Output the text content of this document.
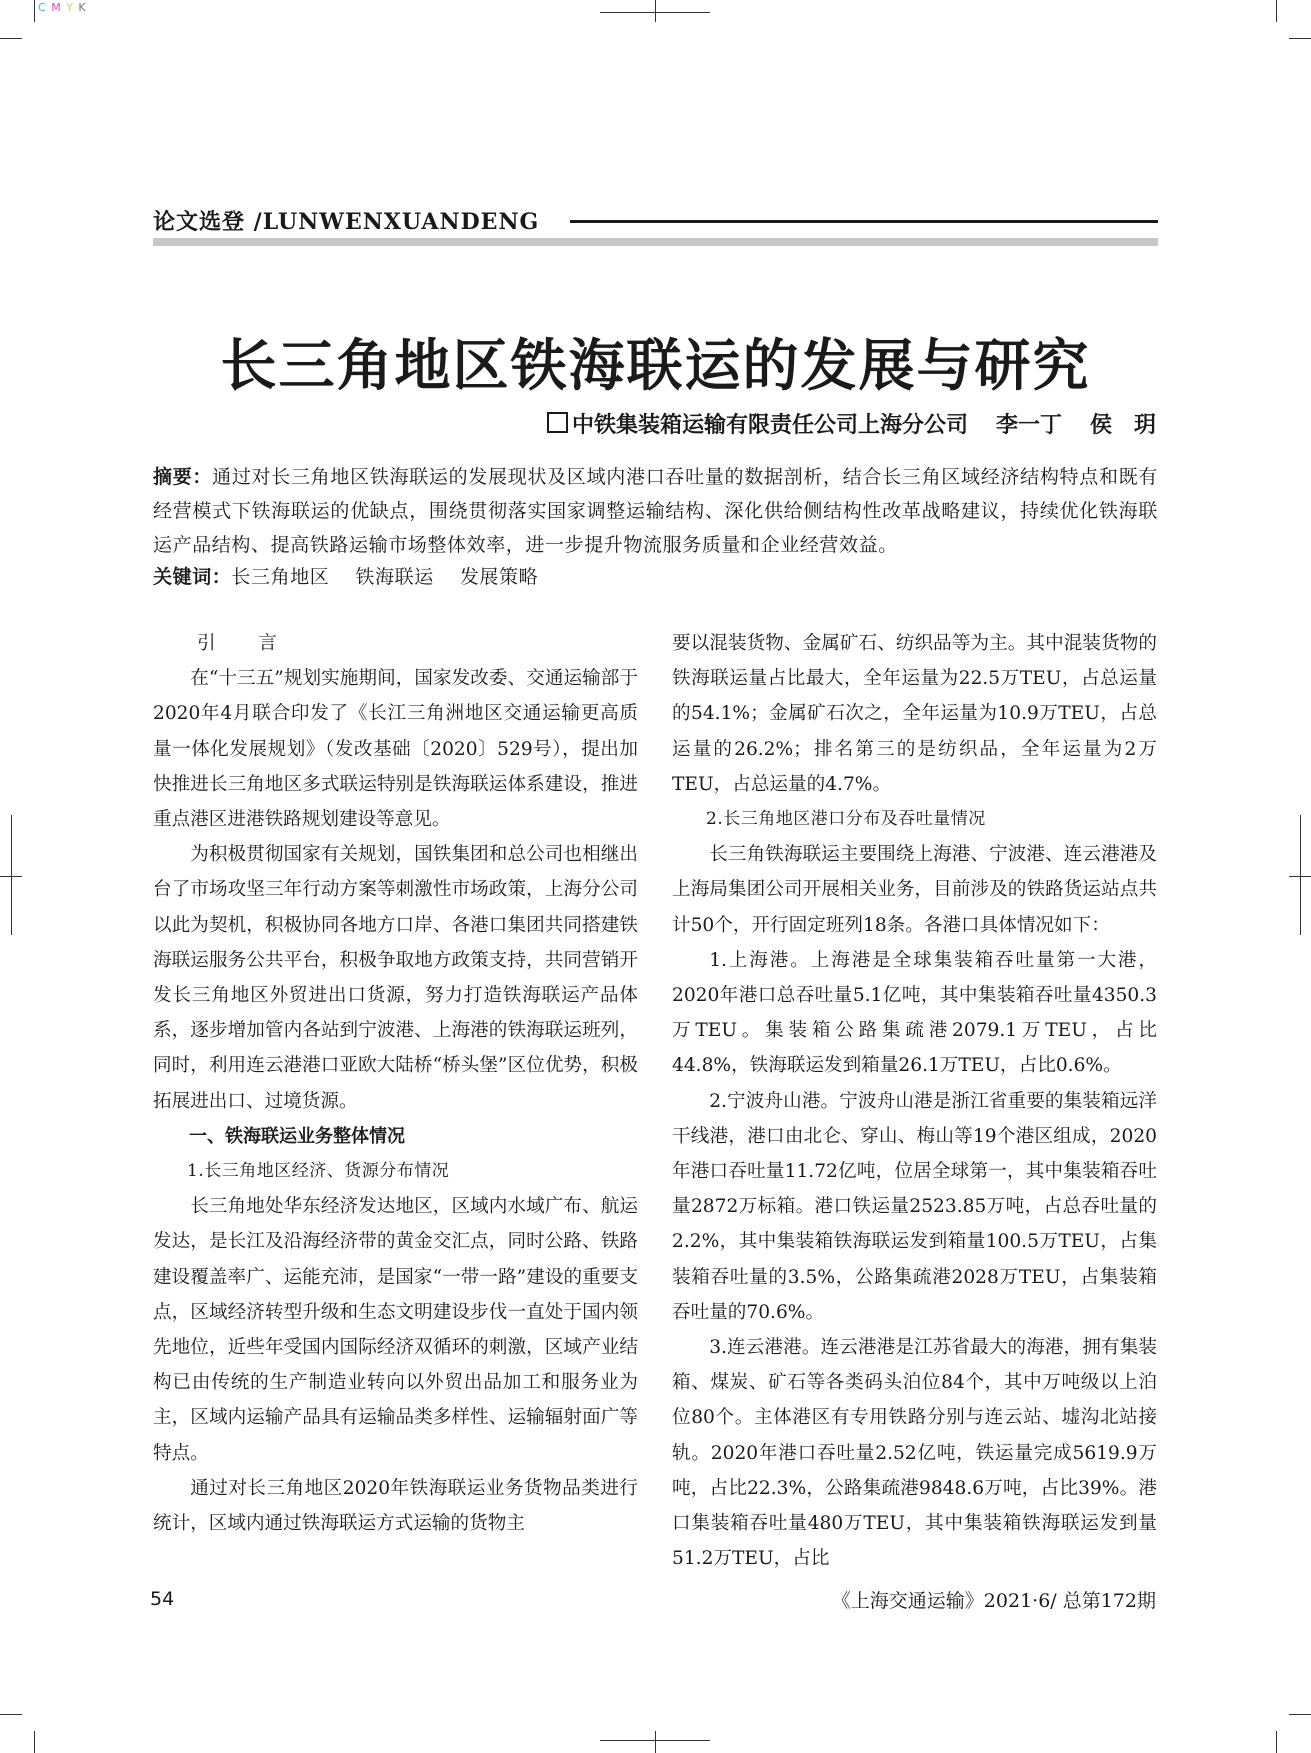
C M Y K
论文选登 /LUNWENXUANDENG
长三角地区铁海联运的发展与研究
中铁集装箱运输有限责任公司上海分公司 李一丁 侯　玥
摘要：通过对长三角地区铁海联运的发展现状及区域内港口吞吐量的数据剖析，结合长三角区域经济结构特点和既有经营模式下铁海联运的优缺点，围绕贯彻落实国家调整运输结构、深化供给侧结构性改革战略建议，持续优化铁海联运产品结构、提高铁路运输市场整体效率，进一步提升物流服务质量和企业经营效益。
关键词：长三角地区 铁海联运 发展策略

引　言

在“十三五”规划实施期间，国家发改委、交通运输部于2020年4月联合印发了《长江三角洲地区交通运输更高质量一体化发展规划》（发改基础〔2020〕529号），提出加快推进长三角地区多式联运特别是铁海联运体系建设，推进重点港区进港铁路规划建设等意见。

为积极贯彻国家有关规划，国铁集团和总公司也相继出台了市场攻坚三年行动方案等刺激性市场政策，上海分公司以此为契机，积极协同各地方口岸、各港口集团共同搭建铁海联运服务公共平台，积极争取地方政策支持，共同营销开发长三角地区外贸进出口货源，努力打造铁海联运产品体系，逐步增加管内各站到宁波港、上海港的铁海联运班列，同时，利用连云港港口亚欧大陆桥“桥头堡”区位优势，积极拓展进出口、过境货源。

一、铁海联运业务整体情况

1.长三角地区经济、货源分布情况

长三角地处华东经济发达地区，区域内水域广布、航运发达，是长江及沿海经济带的黄金交汇点，同时公路、铁路建设覆盖率广、运能充沛，是国家“一带一路”建设的重要支点，区域经济转型升级和生态文明建设步伐一直处于国内领先地位，近些年受国内国际经济双循环的刺激，区域产业结构已由传统的生产制造业转向以外贸出品加工和服务业为主，区域内运输产品具有运输品类多样性、运输辐射面广等特点。

通过对长三角地区2020年铁海联运业务货物品类进行统计，区域内通过铁海联运方式运输的货物主

要以混装货物、金属矿石、纺织品等为主。其中混装货物的铁海联运量占比最大，全年运量为22.5万TEU，占总运量的54.1%；金属矿石次之，全年运量为10.9万TEU，占总运量的26.2%；排名第三的是纺织品，全年运量为2万TEU，占总运量的4.7%。

2.长三角地区港口分布及吞吐量情况

长三角铁海联运主要围绕上海港、宁波港、连云港港及上海局集团公司开展相关业务，目前涉及的铁路货运站点共计50个，开行固定班列18条。各港口具体情况如下：

1.上海港。上海港是全球集装箱吞吐量第一大港，2020年港口总吞吐量5.1亿吨，其中集装箱吞吐量4350.3万TEU。集装箱公路集疏港2079.1万TEU，占比44.8%，铁海联运发到箱量26.1万TEU，占比0.6%。

2.宁波舟山港。宁波舟山港是浙江省重要的集装箱远洋干线港，港口由北仑、穿山、梅山等19个港区组成，2020年港口吞吐量11.72亿吨，位居全球第一，其中集装箱吞吐量2872万标箱。港口铁运量2523.85万吨，占总吞吐量的2.2%，其中集装箱铁海联运发到箱量100.5万TEU，占集装箱吞吐量的3.5%，公路集疏港2028万TEU，占集装箱吞吐量的70.6%。

3.连云港港。连云港港是江苏省最大的海港，拥有集装箱、煤炭、矿石等各类码头泊位84个，其中万吨级以上泊位80个。主体港区有专用铁路分别与连云站、墟沟北站接轨。2020年港口吞吐量2.52亿吨，铁运量完成5619.9万吨，占比22.3%，公路集疏港9848.6万吨，占比39%。港口集装箱吞吐量480万TEU，其中集装箱铁海联运发到量51.2万TEU，占比

54	《上海交通运输》2021·6/ 总第172期
